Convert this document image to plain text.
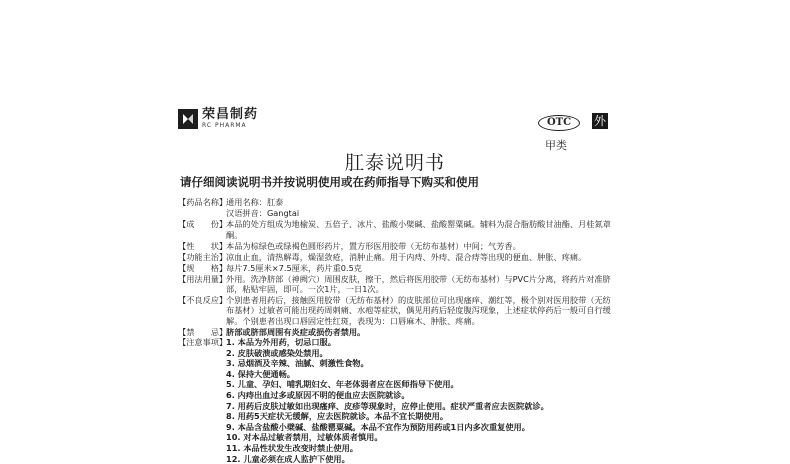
荣昌制药
RC PHARMA	OTC
甲类
外
肛泰说明书
请仔细阅读说明书并按说明使用或在药师指导下购买和使用
【药品名称】
通用名称：肛泰
汉语拼音：Gangtai
【成　　份】
本品的处方组成为地榆炭、五倍子、冰片、盐酸小檗碱、盐酸罂粟碱。辅料为混合脂肪酸甘油酯、月桂氮䓬酮。
【性　　状】
本品为棕绿色或绿褐色圆形药片，置方形医用胶带（无纺布基材）中间；气芳香。
【功能主治】
凉血止血，清热解毒，燥湿敛疮，消肿止痛。用于内痔、外痔、混合痔等出现的便血、肿胀、疼痛。
【规　　格】
每片7.5厘米×7.5厘米，药片重0.5克
【用法用量】
外用。洗净脐部（神阙穴）周围皮肤，擦干，然后将医用胶带（无纺布基材）与PVC片分离，将药片对准脐部，粘贴牢固，即可。一次1片，一日1次。
【不良反应】
个别患者用药后，接触医用胶带（无纺布基材）的皮肤部位可出现瘙痒、潮红等，极个别对医用胶带（无纺布基材）过敏者可能出现药周刺痛、水疱等症状，偶见用药后轻度腹泻现象，上述症状停药后一般可自行缓解。个别患者出现口唇固定性红斑，表现为：口唇麻木、肿胀、疼痛。
【禁　　忌】
脐部或脐部周围有炎症或损伤者禁用。
【注意事项】
1. 本品为外用药，切忌口服。
2. 皮肤破溃或感染处禁用。
3. 忌烟酒及辛辣、油腻、刺激性食物。
4. 保持大便通畅。
5. 儿童、孕妇、哺乳期妇女、年老体弱者应在医师指导下使用。
6. 内痔出血过多或原因不明的便血应去医院就诊。
7. 用药后皮肤过敏如出现瘙痒、皮疹等现象时，应停止使用。症状严重者应去医院就诊。
8. 用药5天症状无缓解，应去医院就诊。本品不宜长期使用。
9. 本品含盐酸小檗碱、盐酸罂粟碱。本品不宜作为预防用药或1日内多次重复使用。
10. 对本品过敏者禁用，过敏体质者慎用。
11. 本品性状发生改变时禁止使用。
12. 儿童必须在成人监护下使用。
